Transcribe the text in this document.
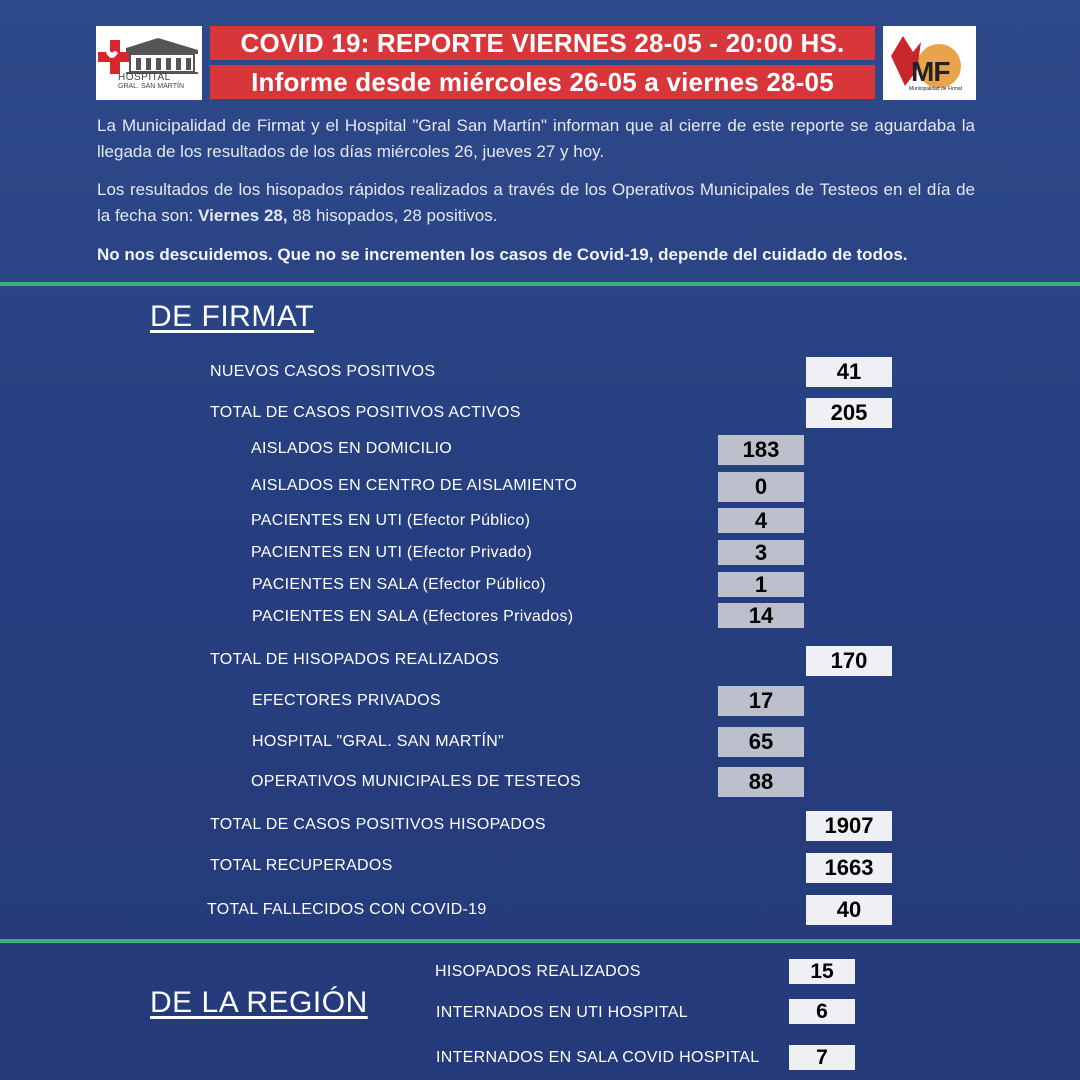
HOSPITAL
GRAL. SAN MARTÍN
COVID 19: REPORTE VIERNES 28-05 - 20:00 HS.
Informe desde miércoles 26-05 a viernes 28-05	MF
Municipalidad de Firmat
La Municipalidad de Firmat y el Hospital "Gral San Martín" informan que al cierre de este reporte se aguardaba la llegada de los resultados de los días miércoles 26, jueves 27 y hoy.
Los resultados de los hisopados rápidos realizados a través de los Operativos Municipales de Testeos en el día de la fecha son: Viernes 28, 88 hisopados, 28 positivos.
No nos descuidemos. Que no se incrementen los casos de Covid-19, depende del cuidado de todos.
DE FIRMAT
NUEVOS CASOS POSITIVOS	41
TOTAL DE CASOS POSITIVOS ACTIVOS	205
AISLADOS EN DOMICILIO	183
AISLADOS EN CENTRO DE AISLAMIENTO	0
PACIENTES EN UTI (Efector Público)	4
PACIENTES EN UTI (Efector Privado)	3
PACIENTES EN SALA (Efector Público)	1
PACIENTES EN SALA (Efectores Privados)	14
TOTAL DE HISOPADOS REALIZADOS	170
EFECTORES PRIVADOS	17
HOSPITAL "GRAL. SAN MARTÍN"	65
OPERATIVOS MUNICIPALES DE TESTEOS	88
TOTAL DE CASOS POSITIVOS HISOPADOS	1907
TOTAL RECUPERADOS	1663
TOTAL FALLECIDOS CON COVID-19	40
DE LA REGIÓN
HISOPADOS REALIZADOS	15
INTERNADOS EN UTI HOSPITAL	6
INTERNADOS EN SALA COVID HOSPITAL	7
